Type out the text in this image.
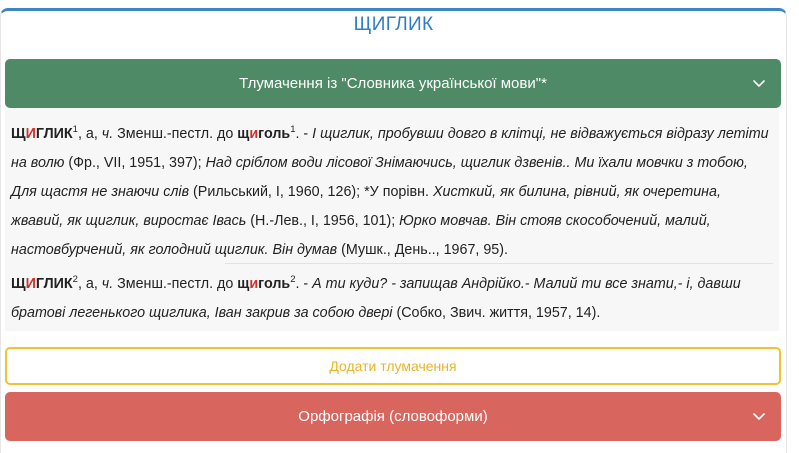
ЩИГЛИК
Тлумачення із "Словника української мови"*
ЩИГЛИК$^1$, а, ч. Зменш.-пестл. до щиголь$^1$. - І щиглик, пробувши довго в клітці, не відважується відразу летіти на волю (Фр., VII, 1951, 397); Над сріблом води лісової Знімаючись, щиглик дзвенів.. Ми їхали мовчки з тобою, Для щастя не знаючи слів (Рильський, І, 1960, 126); *У порівн. Хисткий, як билина, рівний, як очеретина, жвавий, як щиглик, виростає Івась (Н.-Лев., І, 1956, 101); Юрко мовчав. Він стояв скособочений, малий, настовбурчений, як голодний щиглик. Він думав (Мушк., День.., 1967, 95).
ЩИГЛИК$^2$, а, ч. Зменш.-пестл. до щиголь$^2$. - А ти куди? - запищав Андрійко.- Малий ти все знати,- і, давши братові легенького щиглика, Іван закрив за собою двері (Собко, Звич. життя, 1957, 14).
Додати тлумачення
Орфографія (словоформи)
